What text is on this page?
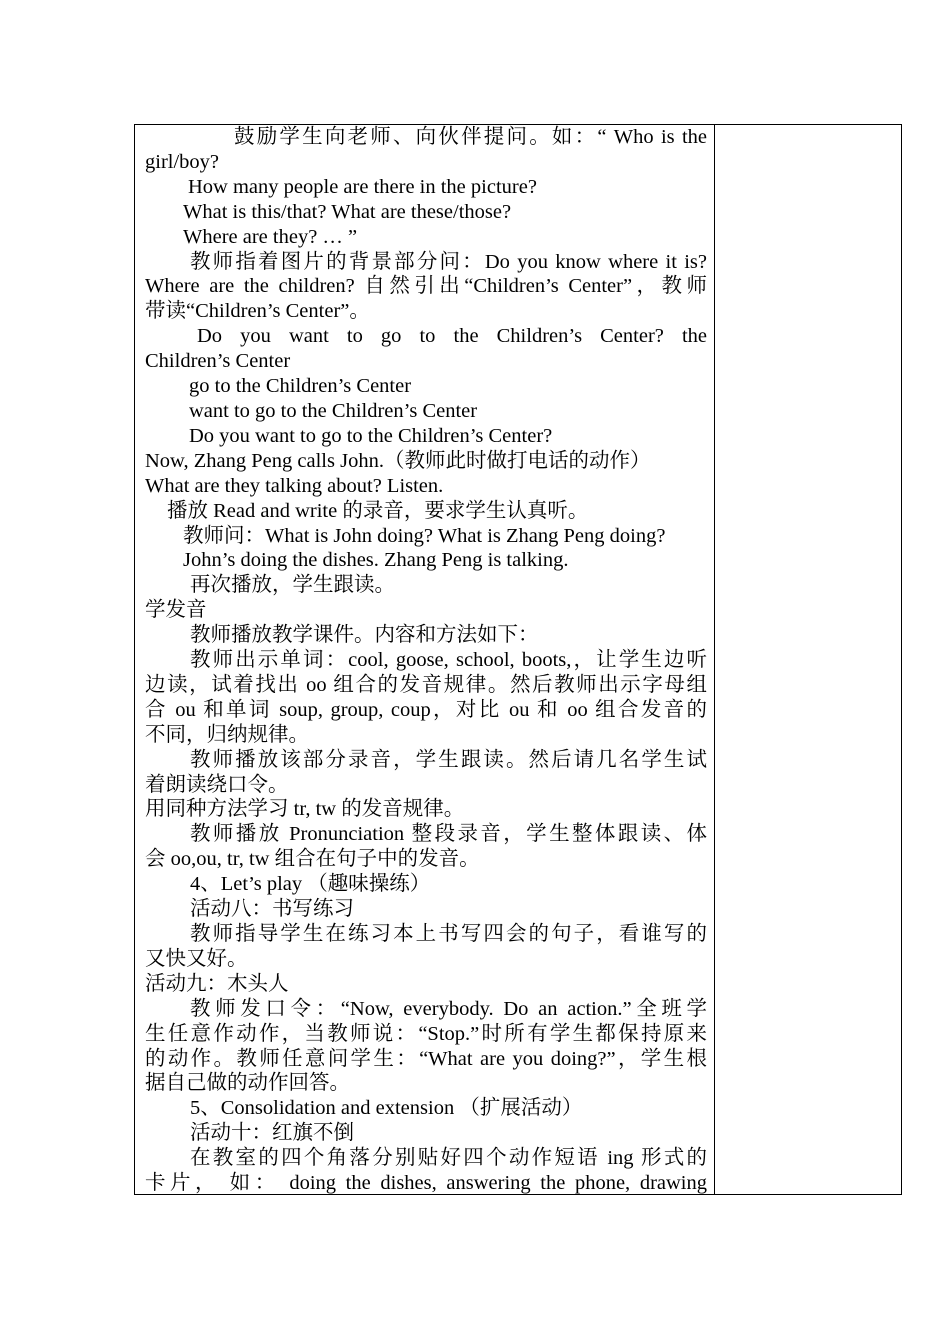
鼓励学生向老师、向伙伴提问。如：“ Who is the
girl/boy?
How many people are there in the picture?
What is this/that? What are these/those?
Where are they? … ”
教师指着图片的背景部分问：Do you know where it is?
Where are the children? 自然引出“Children’s Center”，教师
带读“Children’s Center”。
Do you want to go to the Children’s Center? the
Children’s Center
go to the Children’s Center
want to go to the Children’s Center
Do you want to go to the Children’s Center?
Now, Zhang Peng calls John.（教师此时做打电话的动作）
What are they talking about? Listen.
播放 Read and write 的录音，要求学生认真听。
教师问：What is John doing? What is Zhang Peng doing?
John’s doing the dishes. Zhang Peng is talking.
再次播放，学生跟读。
学发音
教师播放教学课件。内容和方法如下：
教师出示单词：cool, goose, school, boots,，让学生边听
边读，试着找出 oo 组合的发音规律。然后教师出示字母组
合 ou 和单词 soup, group, coup，对比 ou 和 oo 组合发音的
不同，归纳规律。
教师播放该部分录音，学生跟读。然后请几名学生试
着朗读绕口令。
用同种方法学习 tr, tw 的发音规律。
教师播放 Pronunciation 整段录音，学生整体跟读、体
会 oo,ou, tr, tw 组合在句子中的发音。
4、Let’s play （趣味操练）
活动八：书写练习
教师指导学生在练习本上书写四会的句子，看谁写的
又快又好。
活动九：木头人
教师发口令：“Now, everybody. Do an action.”全班学
生任意作动作，当教师说：“Stop.”时所有学生都保持原来
的动作。教师任意问学生：“What are you doing?”，学生根
据自己做的动作回答。
5、Consolidation and extension （扩展活动）
活动十：红旗不倒
在教室的四个角落分别贴好四个动作短语 ing 形式的
卡片， 如： doing the dishes, answering the phone, drawing
